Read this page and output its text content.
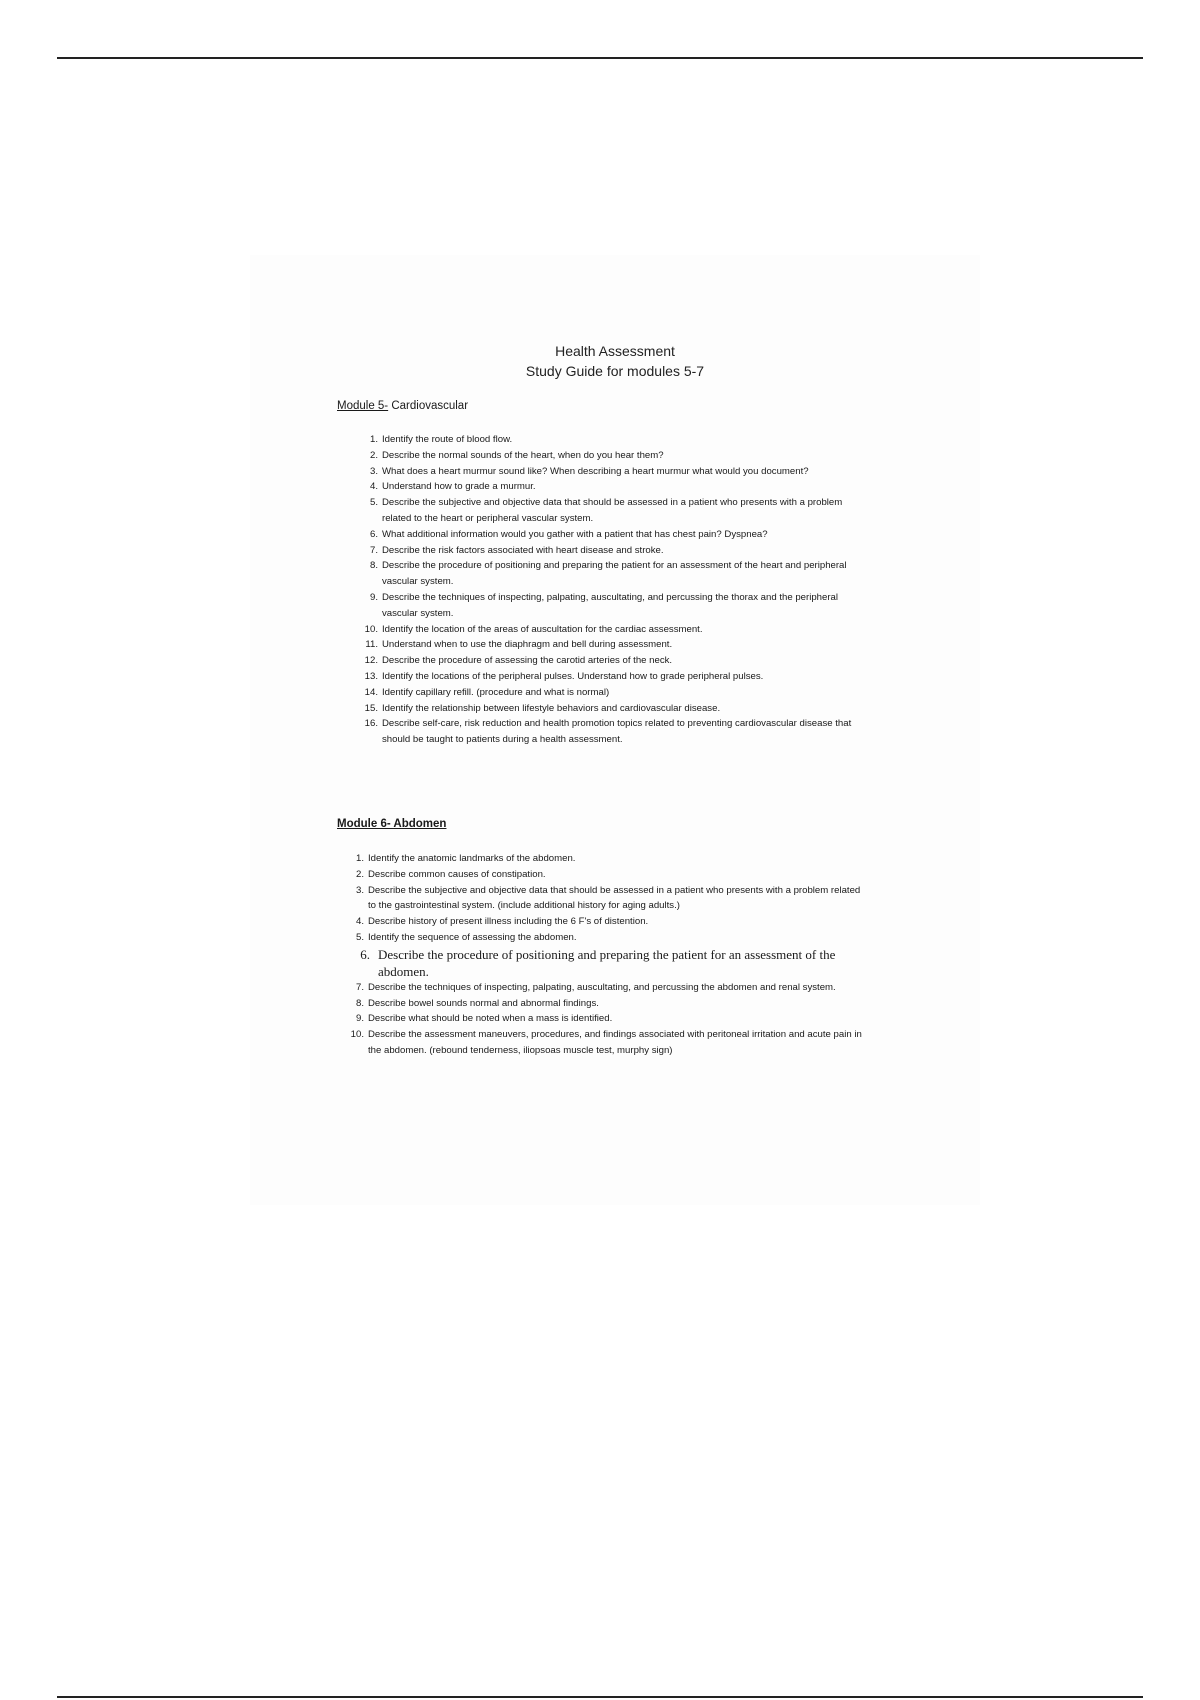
Health Assessment
Study Guide for modules 5-7
Module 5- Cardiovascular
1. Identify the route of blood flow.
2. Describe the normal sounds of the heart, when do you hear them?
3. What does a heart murmur sound like? When describing a heart murmur what would you document?
4. Understand how to grade a murmur.
5. Describe the subjective and objective data that should be assessed in a patient who presents with a problem related to the heart or peripheral vascular system.
6. What additional information would you gather with a patient that has chest pain? Dyspnea?
7. Describe the risk factors associated with heart disease and stroke.
8. Describe the procedure of positioning and preparing the patient for an assessment of the heart and peripheral vascular system.
9. Describe the techniques of inspecting, palpating, auscultating, and percussing the thorax and the peripheral vascular system.
10. Identify the location of the areas of auscultation for the cardiac assessment.
11. Understand when to use the diaphragm and bell during assessment.
12. Describe the procedure of assessing the carotid arteries of the neck.
13. Identify the locations of the peripheral pulses. Understand how to grade peripheral pulses.
14. Identify capillary refill. (procedure and what is normal)
15. Identify the relationship between lifestyle behaviors and cardiovascular disease.
16. Describe self-care, risk reduction and health promotion topics related to preventing cardiovascular disease that should be taught to patients during a health assessment.
Module 6- Abdomen
1. Identify the anatomic landmarks of the abdomen.
2. Describe common causes of constipation.
3. Describe the subjective and objective data that should be assessed in a patient who presents with a problem related to the gastrointestinal system. (include additional history for aging adults.)
4. Describe history of present illness including the 6 F's of distention.
5. Identify the sequence of assessing the abdomen.
6. Describe the procedure of positioning and preparing the patient for an assessment of the abdomen.
7. Describe the techniques of inspecting, palpating, auscultating, and percussing the abdomen and renal system.
8. Describe bowel sounds normal and abnormal findings.
9. Describe what should be noted when a mass is identified.
10. Describe the assessment maneuvers, procedures, and findings associated with peritoneal irritation and acute pain in the abdomen. (rebound tenderness, iliopsoas muscle test, murphy sign)
